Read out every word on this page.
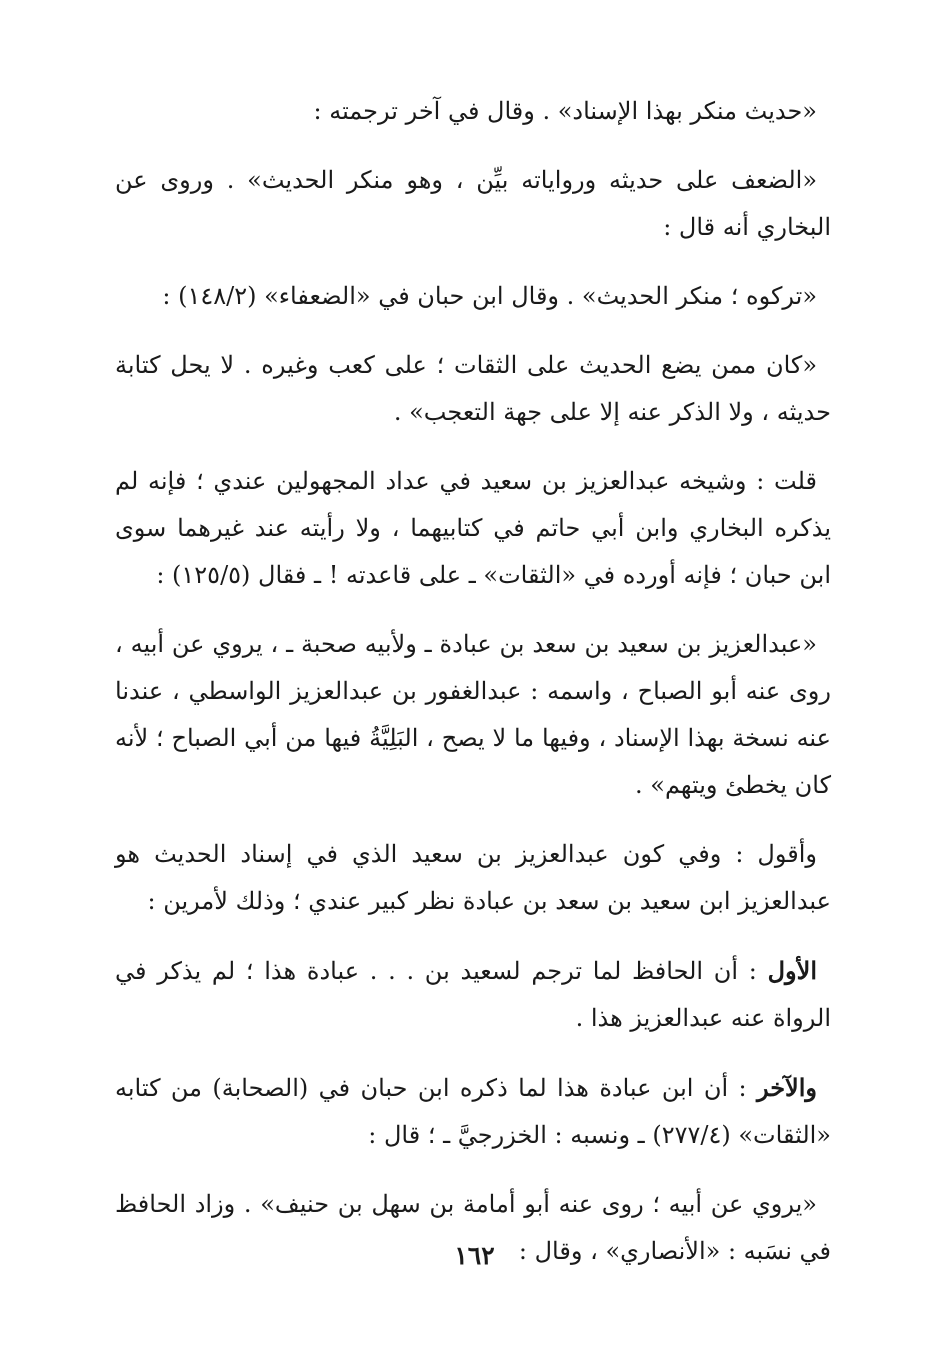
«حديث منكر بهذا الإسناد» . وقال في آخر ترجمته :

«الضعف على حديثه ورواياته بيِّن ، وهو منكر الحديث» . وروى عن البخاري أنه قال :

«تركوه ؛ منكر الحديث» . وقال ابن حبان في «الضعفاء» (١٤٨/٢) :

«كان ممن يضع الحديث على الثقات ؛ على كعب وغيره . لا يحل كتابة حديثه ، ولا الذكر عنه إلا على جهة التعجب» .

قلت : وشيخه عبدالعزيز بن سعيد في عداد المجهولين عندي ؛ فإنه لم يذكره البخاري وابن أبي حاتم في كتابيهما ، ولا رأيته عند غيرهما سوى ابن حبان ؛ فإنه أورده في «الثقات» ـ على قاعدته ! ـ فقال (١٢٥/٥) :

«عبدالعزيز بن سعيد بن سعد بن عبادة ـ ولأبيه صحبة ـ ، يروي عن أبيه ، روى عنه أبو الصباح ، واسمه : عبدالغفور بن عبدالعزيز الواسطي ، عندنا عنه نسخة بهذا الإسناد ، وفيها ما لا يصح ، البَلِيَّةُ فيها من أبي الصباح ؛ لأنه كان يخطئ ويتهم» .

وأقول : وفي كون عبدالعزيز بن سعيد الذي في إسناد الحديث هو عبدالعزيز ابن سعيد بن سعد بن عبادة نظر كبير عندي ؛ وذلك لأمرين :

الأول : أن الحافظ لما ترجم لسعيد بن . . . عبادة هذا ؛ لم يذكر في الرواة عنه عبدالعزيز هذا .

والآخر : أن ابن عبادة هذا لما ذكره ابن حبان في (الصحابة) من كتابه «الثقات» (٢٧٧/٤) ـ ونسبه : الخزرجيَّ ـ ؛ قال :

«يروي عن أبيه ؛ روى عنه أبو أمامة بن سهل بن حنيف» . وزاد الحافظ في نسَبه : «الأنصاري» ، وقال :

١٦٢
